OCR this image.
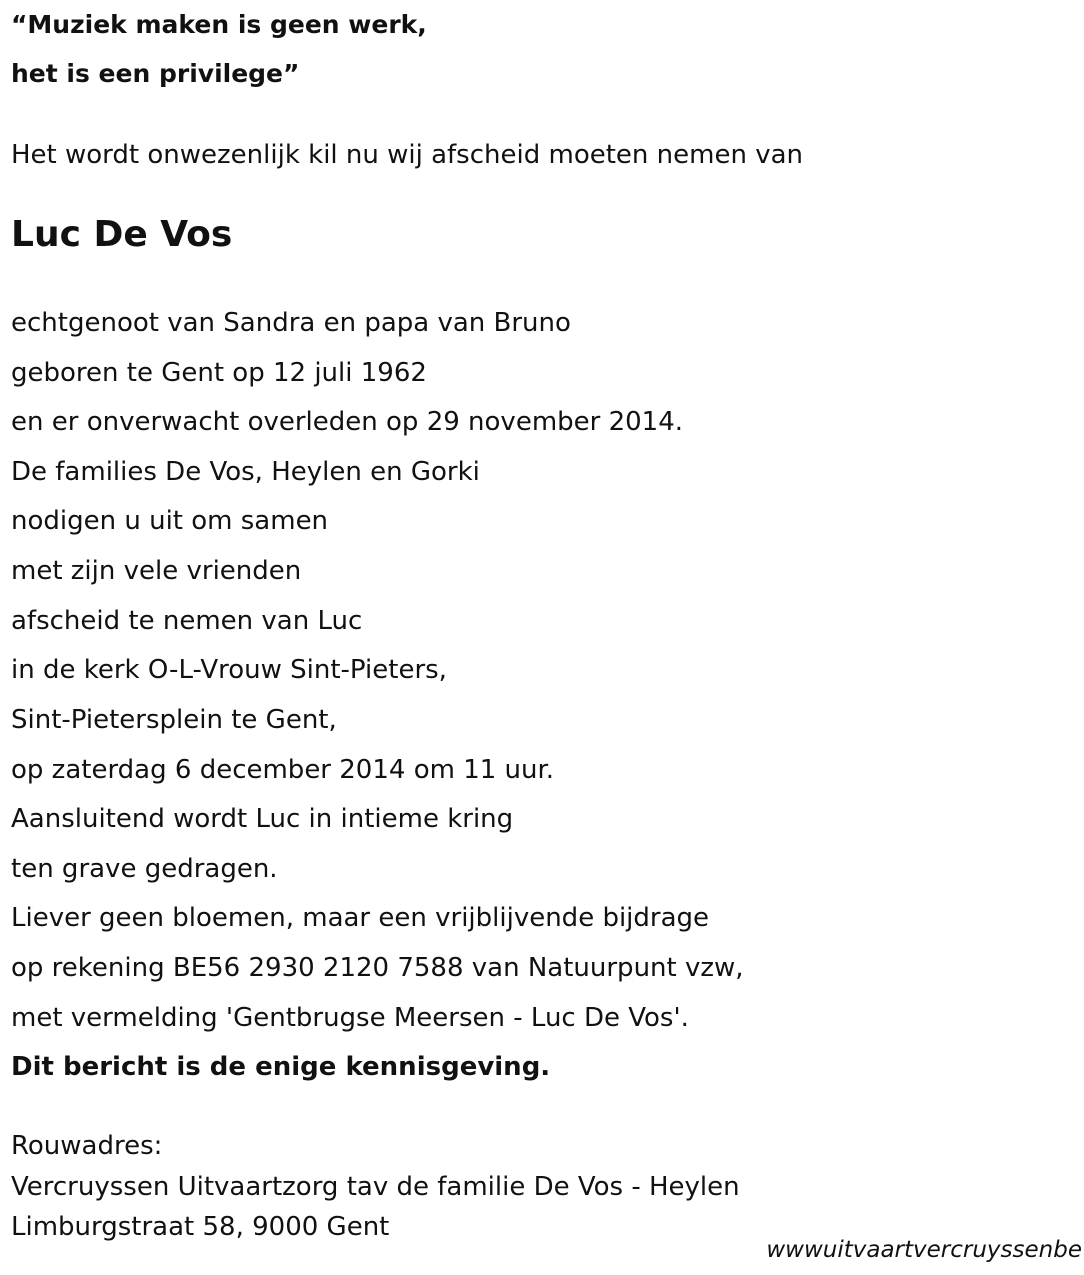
“Muziek maken is geen werk,
het is een privilege”
Het wordt onwezenlijk kil nu wij afscheid moeten nemen van
Luc De Vos
echtgenoot van Sandra en papa van Bruno
geboren te Gent op 12 juli 1962
en er onverwacht overleden op 29 november 2014.
De families De Vos, Heylen en Gorki
nodigen u uit om samen
met zijn vele vrienden
afscheid te nemen van Luc
in de kerk O-L-Vrouw Sint-Pieters,
Sint-Pietersplein te Gent,
op zaterdag 6 december 2014 om 11 uur.
Aansluitend wordt Luc in intieme kring
ten grave gedragen.
Liever geen bloemen, maar een vrijblijvende bijdrage
op rekening BE56 2930 2120 7588 van Natuurpunt vzw,
met vermelding 'Gentbrugse Meersen - Luc De Vos'.
Dit bericht is de enige kennisgeving.
Rouwadres:
Vercruyssen Uitvaartzorg tav de familie De Vos - Heylen
Limburgstraat 58, 9000 Gent
wwwuitvaartvercruyssenbe
